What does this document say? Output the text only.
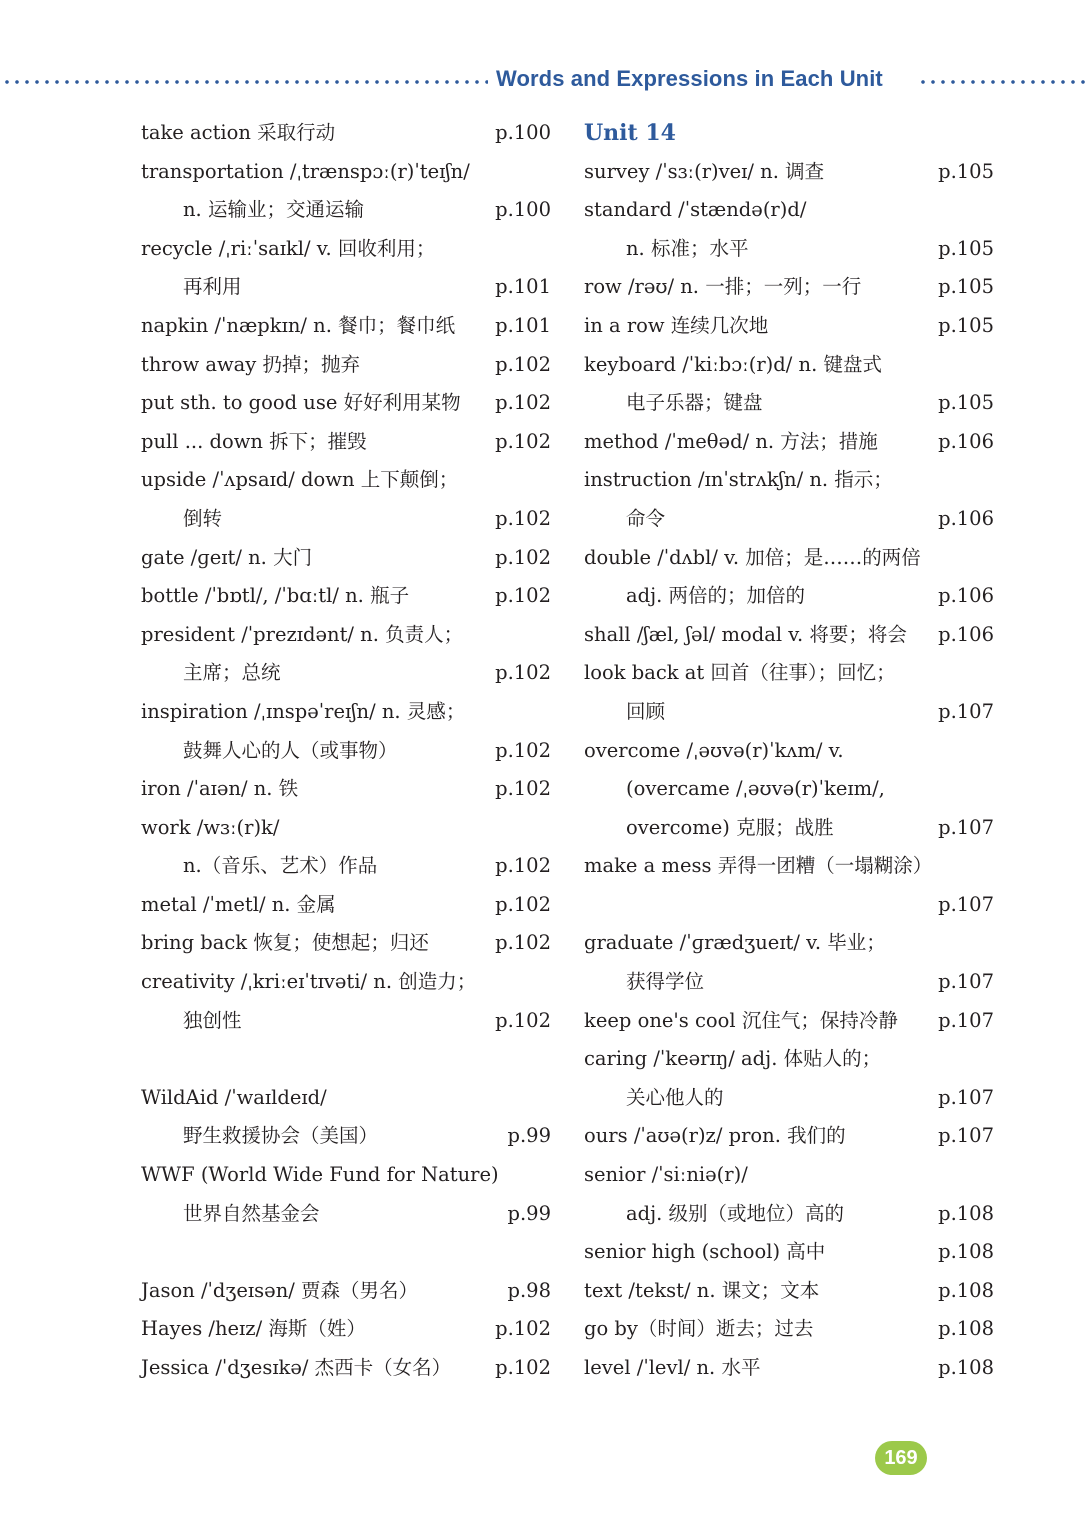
Words and Expressions in Each Unit
take action 采取行动	p.100
transportation /ˌtrænspɔː(r)ˈteɪʃn/
n. 运输业；交通运输	p.100
recycle /ˌriːˈsaɪkl/ v. 回收利用；
再利用	p.101
napkin /ˈnæpkɪn/ n. 餐巾；餐巾纸 p.101
throw away 扔掉；抛弃	p.102
put sth. to good use 好好利用某物 p.102
pull ... down 拆下；摧毁	p.102
upside /ˈʌpsaɪd/ down 上下颠倒；
倒转	p.102
gate /ɡeɪt/ n. 大门	p.102
bottle /ˈbɒtl/, /ˈbɑːtl/ n. 瓶子	p.102
president /ˈprezɪdənt/ n. 负责人；
主席；总统	p.102
inspiration /ˌɪnspəˈreɪʃn/ n. 灵感；
鼓舞人心的人（或事物）	p.102
iron /ˈaɪən/ n. 铁	p.102
work /wɜː(r)k/
n.（音乐、艺术）作品	p.102
metal /ˈmetl/ n. 金属	p.102
bring back 恢复；使想起；归还	p.102
creativity /ˌkriːeɪˈtɪvəti/ n. 创造力；
独创性	p.102
WildAid /ˈwaɪldeɪd/
野生救援协会（美国）	p.99
WWF (World Wide Fund for Nature)
世界自然基金会	p.99
Jason /ˈdʒeɪsən/ 贾森（男名）	p.98
Hayes /heɪz/ 海斯（姓）	p.102
Jessica /ˈdʒesɪkə/ 杰西卡（女名） p.102
Unit 14
survey /ˈsɜː(r)veɪ/ n. 调查	p.105
standard /ˈstændə(r)d/
n. 标准；水平	p.105
row /rəʊ/ n. 一排；一列；一行	p.105
in a row 连续几次地	p.105
keyboard /ˈkiːbɔː(r)d/ n. 键盘式
电子乐器；键盘	p.105
method /ˈmeθəd/ n. 方法；措施	p.106
instruction /ɪnˈstrʌkʃn/ n. 指示；
命令	p.106
double /ˈdʌbl/ v. 加倍；是……的两倍
adj. 两倍的；加倍的	p.106
shall /ʃæl, ʃəl/ modal v. 将要；将会 p.106
look back at 回首（往事）；回忆；
回顾	p.107
overcome /ˌəʊvə(r)ˈkʌm/ v.
(overcame /ˌəʊvə(r)ˈkeɪm/,
overcome) 克服；战胜	p.107
make a mess 弄得一团糟（一塌糊涂）
p.107
graduate /ˈɡrædʒueɪt/ v. 毕业；
获得学位	p.107
keep one's cool 沉住气；保持冷静 p.107
caring /ˈkeərɪŋ/ adj. 体贴人的；
关心他人的	p.107
ours /ˈaʊə(r)z/ pron. 我们的	p.107
senior /ˈsiːniə(r)/
adj. 级别（或地位）高的	p.108
senior high (school) 高中	p.108
text /tekst/ n. 课文；文本	p.108
go by（时间）逝去；过去	p.108
level /ˈlevl/ n. 水平	p.108
169
